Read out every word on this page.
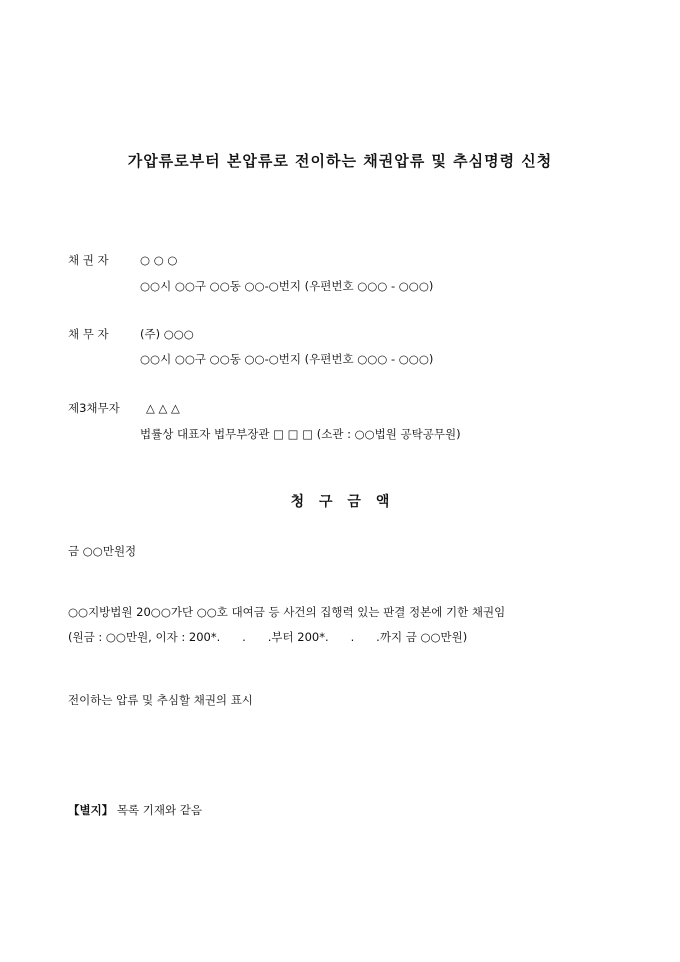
가압류로부터 본압류로 전이하는 채권압류 및 추심명령 신청
채 권 자	○ ○ ○
○○시 ○○구 ○○동 ○○-○번지 (우편번호 ○○○ - ○○○)
채 무 자	(주) ○○○
○○시 ○○구 ○○동 ○○-○번지 (우편번호 ○○○ - ○○○)
제3채무자 △ △ △
법률상 대표자 법무부장관 □ □ □ (소관 : ○○법원 공탁공무원)
청 구 금 액
금 ○○만원정
○○지방법원 20○○가단 ○○호 대여금 등 사건의 집행력 있는 판결 정본에 기한 채권임
(원금 : ○○만원, 이자 : 200*.      .      .부터 200*.      .      .까지 금 ○○만원)
전이하는 압류 및 추심할 채권의 표시
【별지】 목록 기재와 같음
